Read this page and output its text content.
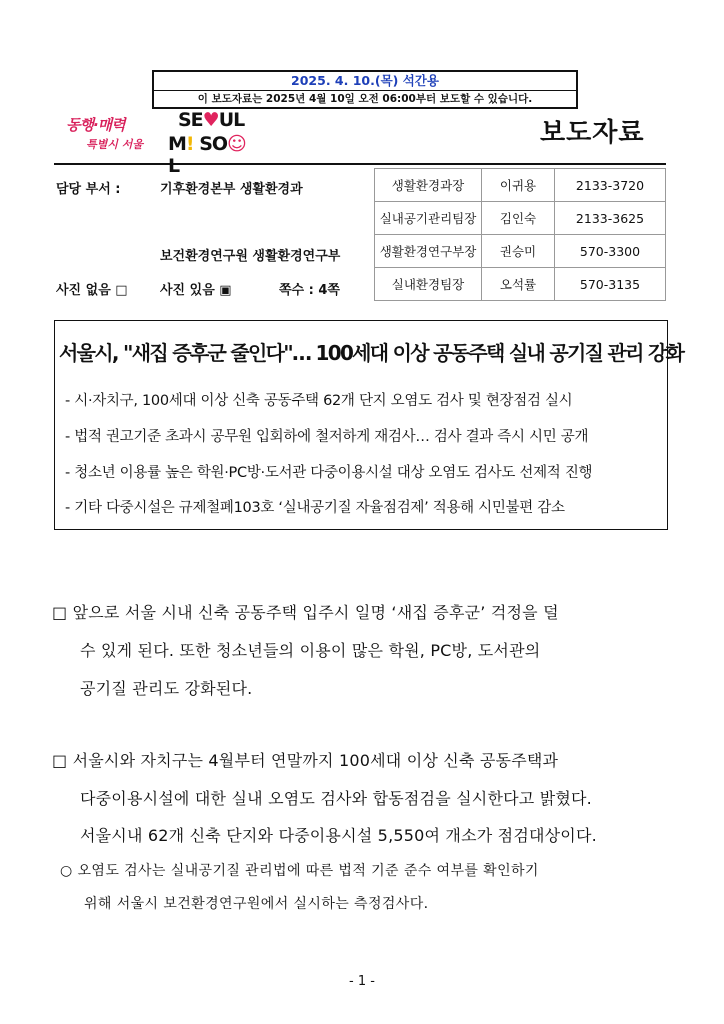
2025. 4. 10.(목) 석간용
이 보도자료는 2025년 4월 10일 오전 06:00부터 보도할 수 있습니다.
동행·매력
특별시 서울
SE♥UL
M! SO☺L
보도자료
담당 부서 :	기후환경본부 생활환경과
보건환경연구원 생활환경연구부
사진 없음 □ 사진 있음 ▣	쪽수 : 4쪽
생활환경과장	이귀용	2133-3720
실내공기관리팀장	김인숙	2133-3625
생활환경연구부장	권승미	570-3300
실내환경팀장	오석률	570-3135
서울시, "새집 증후군 줄인다"… 100세대 이상 공동주택 실내 공기질 관리 강화
- 시·자치구, 100세대 이상 신축 공동주택 62개 단지 오염도 검사 및 현장점검 실시
- 법적 권고기준 초과시 공무원 입회하에 철저하게 재검사… 검사 결과 즉시 시민 공개
- 청소년 이용률 높은 학원·PC방·도서관 다중이용시설 대상 오염도 검사도 선제적 진행
- 기타 다중시설은 규제철폐103호 ‘실내공기질 자율점검제’ 적용해 시민불편 감소
□ 앞으로 서울 시내 신축 공동주택 입주시 일명 ‘새집 증후군’ 걱정을 덜
수 있게 된다. 또한 청소년들의 이용이 많은 학원, PC방, 도서관의
공기질 관리도 강화된다.
□ 서울시와 자치구는 4월부터 연말까지 100세대 이상 신축 공동주택과
다중이용시설에 대한 실내 오염도 검사와 합동점검을 실시한다고 밝혔다.
서울시내 62개 신축 단지와 다중이용시설 5,550여 개소가 점검대상이다.
○ 오염도 검사는 실내공기질 관리법에 따른 법적 기준 준수 여부를 확인하기
위해 서울시 보건환경연구원에서 실시하는 측정검사다.
- 1 -
